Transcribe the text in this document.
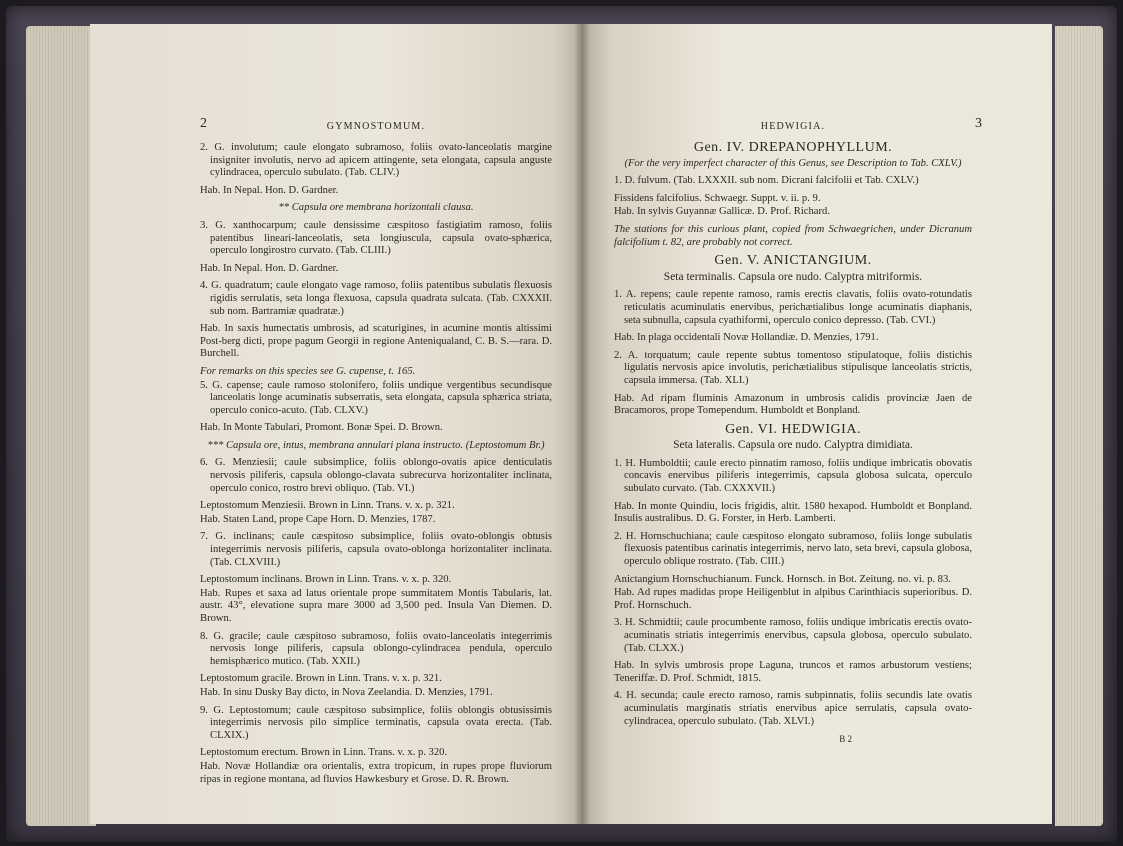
2	GYMNOSTOMUM.

2. G. involutum; caule elongato subramoso, foliis ovato-lanceolatis margine insigniter involutis, nervo ad apicem attingente, seta elongata, capsula anguste cylindracea, operculo subulato. (Tab. CLIV.)

Hab. In Nepal. Hon. D. Gardner.

** Capsula ore membrana horizontali clausa.

3. G. xanthocarpum; caule densissime cæspitoso fastigiatim ramoso, foliis patentibus lineari-lanceolatis, seta longiuscula, capsula ovato-sphærica, operculo longirostro curvato. (Tab. CLIII.)

Hab. In Nepal. Hon. D. Gardner.

4. G. quadratum; caule elongato vage ramoso, foliis patentibus subulatis flexuosis rigidis serrulatis, seta longa flexuosa, capsula quadrata sulcata. (Tab. CXXXII. sub nom. Bartramiæ quadratæ.)

Hab. In saxis humectatis umbrosis, ad scaturigines, in acumine montis altissimi Post-berg dicti, prope pagum Georgii in regione Anteniqualand, C. B. S.—rara. D. Burchell.

For remarks on this species see G. cupense, t. 165.

5. G. capense; caule ramoso stolonifero, foliis undique vergentibus secundisque lanceolatis longe acuminatis subserratis, seta elongata, capsula sphærica striata, operculo conico-acuto. (Tab. CLXV.)

Hab. In Monte Tabulari, Promont. Bonæ Spei. D. Brown.

*** Capsula ore, intus, membrana annulari plana instructo. (Leptostomum Br.)

6. G. Menziesii; caule subsimplice, foliis oblongo-ovatis apice denticulatis nervosis piliferis, capsula oblongo-clavata subrecurva horizontaliter inclinata, operculo conico, rostro brevi obliquo. (Tab. VI.)

Leptostomum Menziesii. Brown in Linn. Trans. v. x. p. 321.

Hab. Staten Land, prope Cape Horn. D. Menzies, 1787.

7. G. inclinans; caule cæspitoso subsimplice, foliis ovato-oblongis obtusis integerrimis nervosis piliferis, capsula ovato-oblonga horizontaliter inclinata. (Tab. CLXVIII.)

Leptostomum inclinans. Brown in Linn. Trans. v. x. p. 320.

Hab. Rupes et saxa ad latus orientale prope summitatem Montis Tabularis, lat. austr. 43°, elevatione supra mare 3000 ad 3,500 ped. Insula Van Diemen. D. Brown.

8. G. gracile; caule cæspitoso subramoso, foliis ovato-lanceolatis integerrimis nervosis longe piliferis, capsula oblongo-cylindracea pendula, operculo hemisphærico mutico. (Tab. XXII.)

Leptostomum gracile. Brown in Linn. Trans. v. x. p. 321.

Hab. In sinu Dusky Bay dicto, in Nova Zeelandia. D. Menzies, 1791.

9. G. Leptostomum; caule cæspitoso subsimplice, foliis oblongis obtusissimis integerrimis nervosis pilo simplice terminatis, capsula ovata erecta. (Tab. CLXIX.)

Leptostomum erectum. Brown in Linn. Trans. v. x. p. 320.

Hab. Novæ Hollandiæ ora orientalis, extra tropicum, in rupes prope fluviorum ripas in regione montana, ad fluvios Hawkesbury et Grose. D. R. Brown.

HEDWIGIA.	3
Gen. IV. DREPANOPHYLLUM.

(For the very imperfect character of this Genus, see Description to Tab. CXLV.)

1. D. fulvum. (Tab. LXXXII. sub nom. Dicrani falcifolii et Tab. CXLV.)

Fissidens falcifolius. Schwaegr. Suppt. v. ii. p. 9.

Hab. In sylvis Guyannæ Gallicæ. D. Prof. Richard.

The stations for this curious plant, copied from Schwaegrichen, under Dicranum falcifolium t. 82, are probably not correct.

Gen. V. ANICTANGIUM.
Seta terminalis. Capsula ore nudo. Calyptra mitriformis.

1. A. repens; caule repente ramoso, ramis erectis clavatis, foliis ovato-rotundatis reticulatis acuminulatis enervibus, perichætialibus longe acuminatis diaphanis, seta subnulla, capsula cyathiformi, operculo conico depresso. (Tab. CVI.)

Hab. In plaga occidentali Novæ Hollandiæ. D. Menzies, 1791.

2. A. torquatum; caule repente subtus tomentoso stipulatoque, foliis distichis ligulatis nervosis apice involutis, perichætialibus stipulisque lanceolatis strictis, capsula immersa. (Tab. XLI.)

Hab. Ad ripam fluminis Amazonum in umbrosis calidis provinciæ Jaen de Bracamoros, prope Tomependum. Humboldt et Bonpland.

Gen. VI. HEDWIGIA.
Seta lateralis. Capsula ore nudo. Calyptra dimidiata.

1. H. Humboldtii; caule erecto pinnatim ramoso, foliis undique imbricatis obovatis concavis enervibus piliferis integerrimis, capsula globosa sulcata, operculo subulato curvato. (Tab. CXXXVII.)

Hab. In monte Quindiu, locis frigidis, altit. 1580 hexapod. Humboldt et Bonpland. Insulis australibus. D. G. Forster, in Herb. Lamberti.

2. H. Hornschuchiana; caule cæspitoso elongato subramoso, foliis longe subulatis flexuosis patentibus carinatis integerrimis, nervo lato, seta brevi, capsula globosa, operculo oblique rostrato. (Tab. CIII.)

Anictangium Hornschuchianum. Funck. Hornsch. in Bot. Zeitung. no. vi. p. 83.

Hab. Ad rupes madidas prope Heiligenblut in alpibus Carinthiacis superioribus. D. Prof. Hornschuch.

3. H. Schmidtii; caule procumbente ramoso, foliis undique imbricatis erectis ovato-acuminatis striatis integerrimis enervibus, capsula globosa, operculo subulato. (Tab. CLXX.)

Hab. In sylvis umbrosis prope Laguna, truncos et ramos arbustorum vestiens; Teneriffæ. D. Prof. Schmidt, 1815.

4. H. secunda; caule erecto ramoso, ramis subpinnatis, foliis secundis late ovatis acuminulatis marginatis striatis enervibus apice serrulatis, capsula ovato-cylindracea, operculo subulato. (Tab. XLVI.)

B 2
